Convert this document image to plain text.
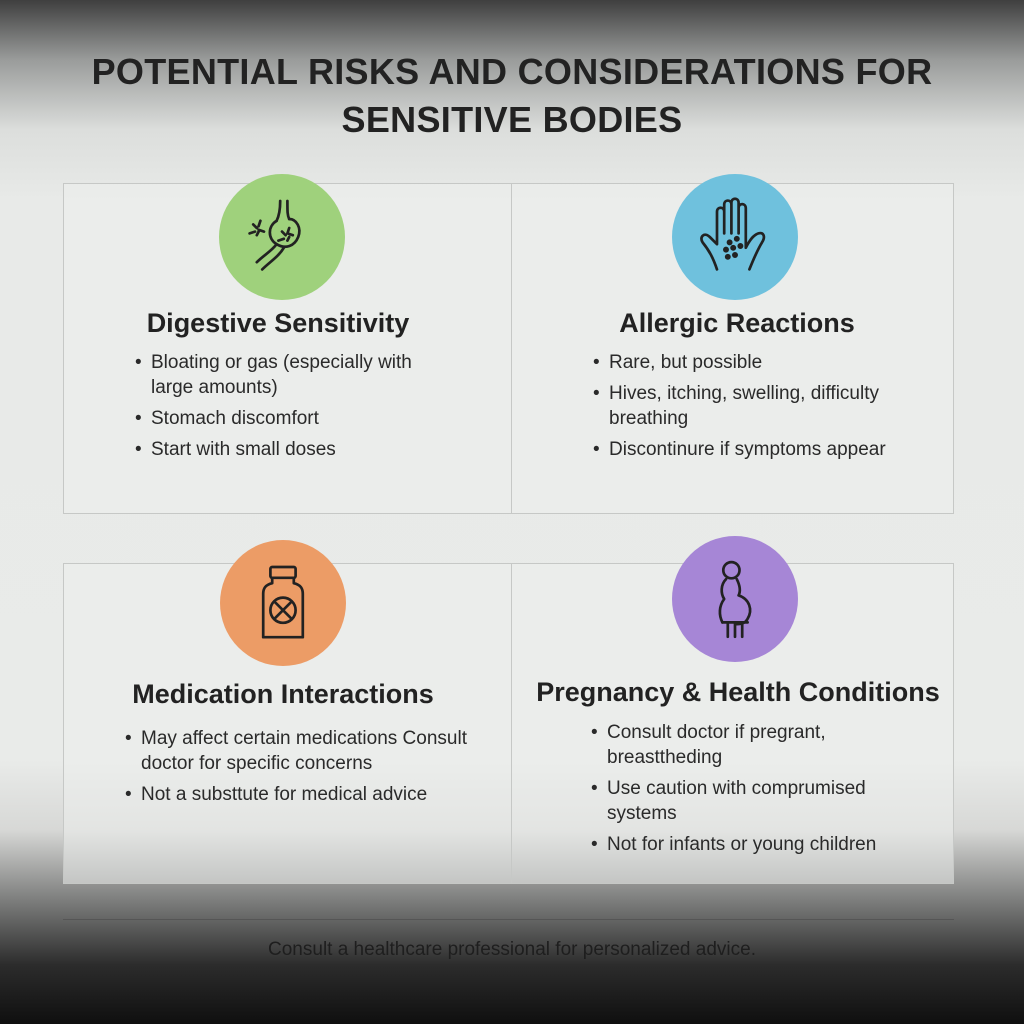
POTENTIAL RISKS AND CONSIDERATIONS FOR
SENSITIVE BODIES
Digestive Sensitivity	Allergic Reactions
Medication Interactions	Pregnancy & Health Conditions
• Bloating or gas (especially with large amounts)
• Stomach discomfort
• Start with small doses
• Rare, but possible
• Hives, itching, swelling, difficulty breathing
• Discontinure if symptoms appear
• May affect certain medications Consult doctor for specific concerns
• Not a substtute for medical advice
• Consult doctor if pregrant, breasttheding
• Use caution with comprumised systems
• Not for infants or young children
Consult a healthcare professional for personalized advice.
